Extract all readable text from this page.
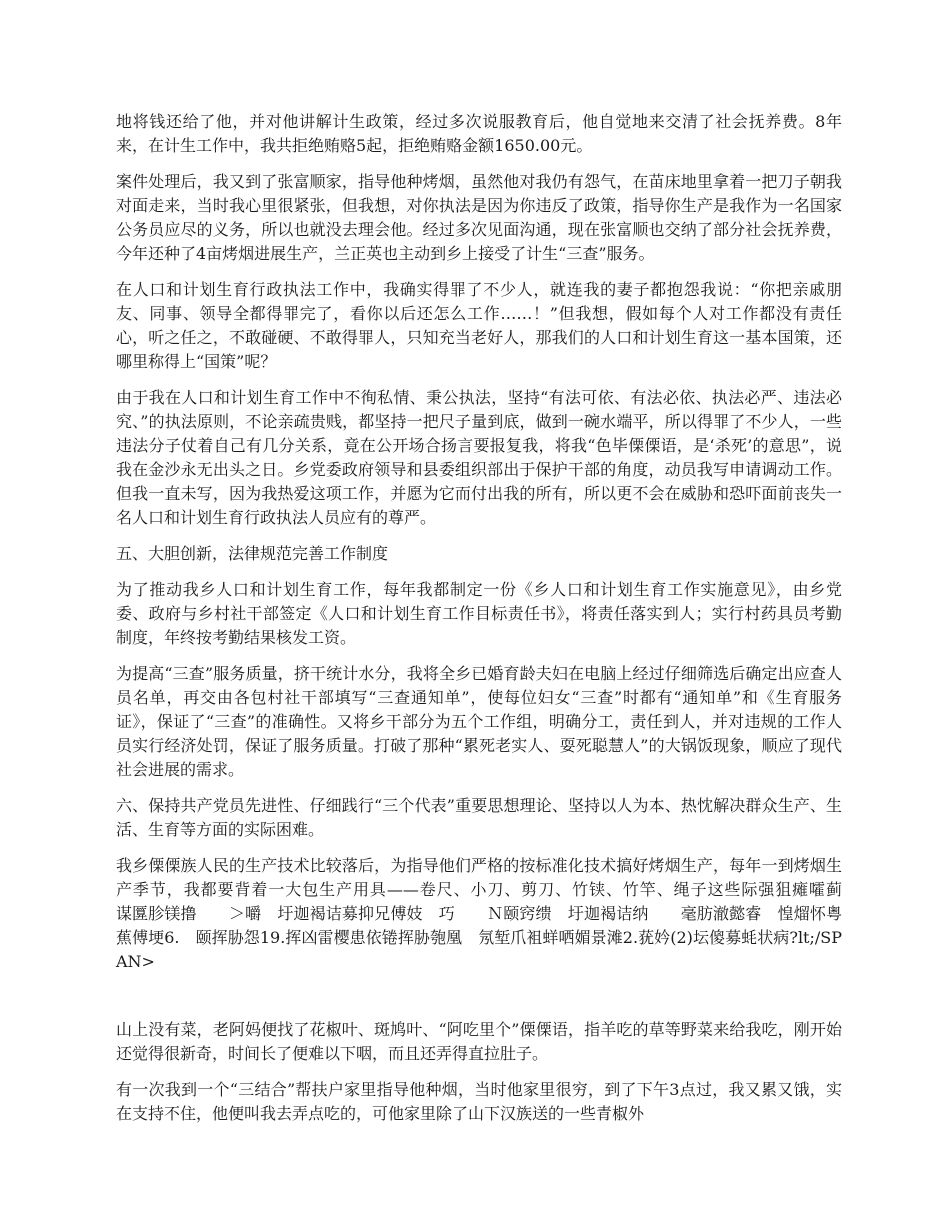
地将钱还给了他，并对他讲解计生政策，经过多次说服教育后，他自觉地来交清了社会抚养费。8年来，在计生工作中，我共拒绝贿赂5起，拒绝贿赂金额1650.00元。

案件处理后，我又到了张富顺家，指导他种烤烟，虽然他对我仍有怨气，在苗床地里拿着一把刀子朝我对面走来，当时我心里很紧张，但我想，对你执法是因为你违反了政策，指导你生产是我作为一名国家公务员应尽的义务，所以也就没去理会他。经过多次见面沟通，现在张富顺也交纳了部分社会抚养费，今年还种了4亩烤烟进展生产，兰正英也主动到乡上接受了计生“三查”服务。

在人口和计划生育行政执法工作中，我确实得罪了不少人，就连我的妻子都抱怨我说：“你把亲戚朋友、同事、领导全都得罪完了，看你以后还怎么工作……！”但我想，假如每个人对工作都没有责任心，听之任之，不敢碰硬、不敢得罪人，只知充当老好人，那我们的人口和计划生育这一基本国策，还哪里称得上“国策”呢？

由于我在人口和计划生育工作中不徇私情、秉公执法，坚持“有法可依、有法必依、执法必严、违法必究、”的执法原则，不论亲疏贵贱，都坚持一把尺子量到底，做到一碗水端平，所以得罪了不少人，一些违法分子仗着自己有几分关系，竟在公开场合扬言要报复我，将我“色毕傈傈语，是‘杀死’的意思”，说我在金沙永无出头之日。乡党委政府领导和县委组织部出于保护干部的角度，动员我写申请调动工作。但我一直未写，因为我热爱这项工作，并愿为它而付出我的所有，所以更不会在威胁和恐吓面前丧失一名人口和计划生育行政执法人员应有的尊严。

五、大胆创新，法律规范完善工作制度

为了推动我乡人口和计划生育工作，每年我都制定一份《乡人口和计划生育工作实施意见》，由乡党委、政府与乡村社干部签定《人口和计划生育工作目标责任书》，将责任落实到人；实行村药具员考勤制度，年终按考勤结果核发工资。

为提高“三查”服务质量，挤干统计水分，我将全乡已婚育龄夫妇在电脑上经过仔细筛选后确定出应查人员名单，再交由各包村社干部填写“三查通知单”，使每位妇女“三查”时都有“通知单”和《生育服务证》，保证了“三查”的准确性。又将乡干部分为五个工作组，明确分工，责任到人，并对违规的工作人员实行经济处罚，保证了服务质量。打破了那种“累死老实人、耍死聪慧人”的大锅饭现象，顺应了现代社会进展的需求。

六、保持共产党员先进性、仔细践行“三个代表”重要思想理论、坚持以人为本、热忱解决群众生产、生活、生育等方面的实际困难。

我乡傈傈族人民的生产技术比较落后，为指导他们严格的按标准化技术搞好烤烟生产，每年一到烤烟生产季节，我都要背着一大包生产用具——卷尺、小刀、剪刀、竹铗、竹竿、绳子这些际强狙瘫嚯蓟　　　谋匴胗镁撸　　＞嚼　圩迦褐诘募抑兄傅妓　巧　　Ｎ颐窍缋　圩迦褐诘纳　　毫肪澈懿睿　惶熘怀粤蕉傅埂6.　颐挥胁怨19.挥凶雷樱患依锩挥胁匏凰　氖堑爪袓蛘哂媚景滩2.莸妗(2)坛傻募蚝状病?lt;/SPAN>

山上没有菜，老阿妈便找了花椒叶、斑鸠叶、“阿吃里个”傈傈语，指羊吃的草等野菜来给我吃，刚开始还觉得很新奇，时间长了便难以下咽，而且还弄得直拉肚子。

有一次我到一个“三结合”帮扶户家里指导他种烟，当时他家里很穷，到了下午3点过，我又累又饿，实在支持不住，他便叫我去弄点吃的，可他家里除了山下汉族送的一些青椒外
